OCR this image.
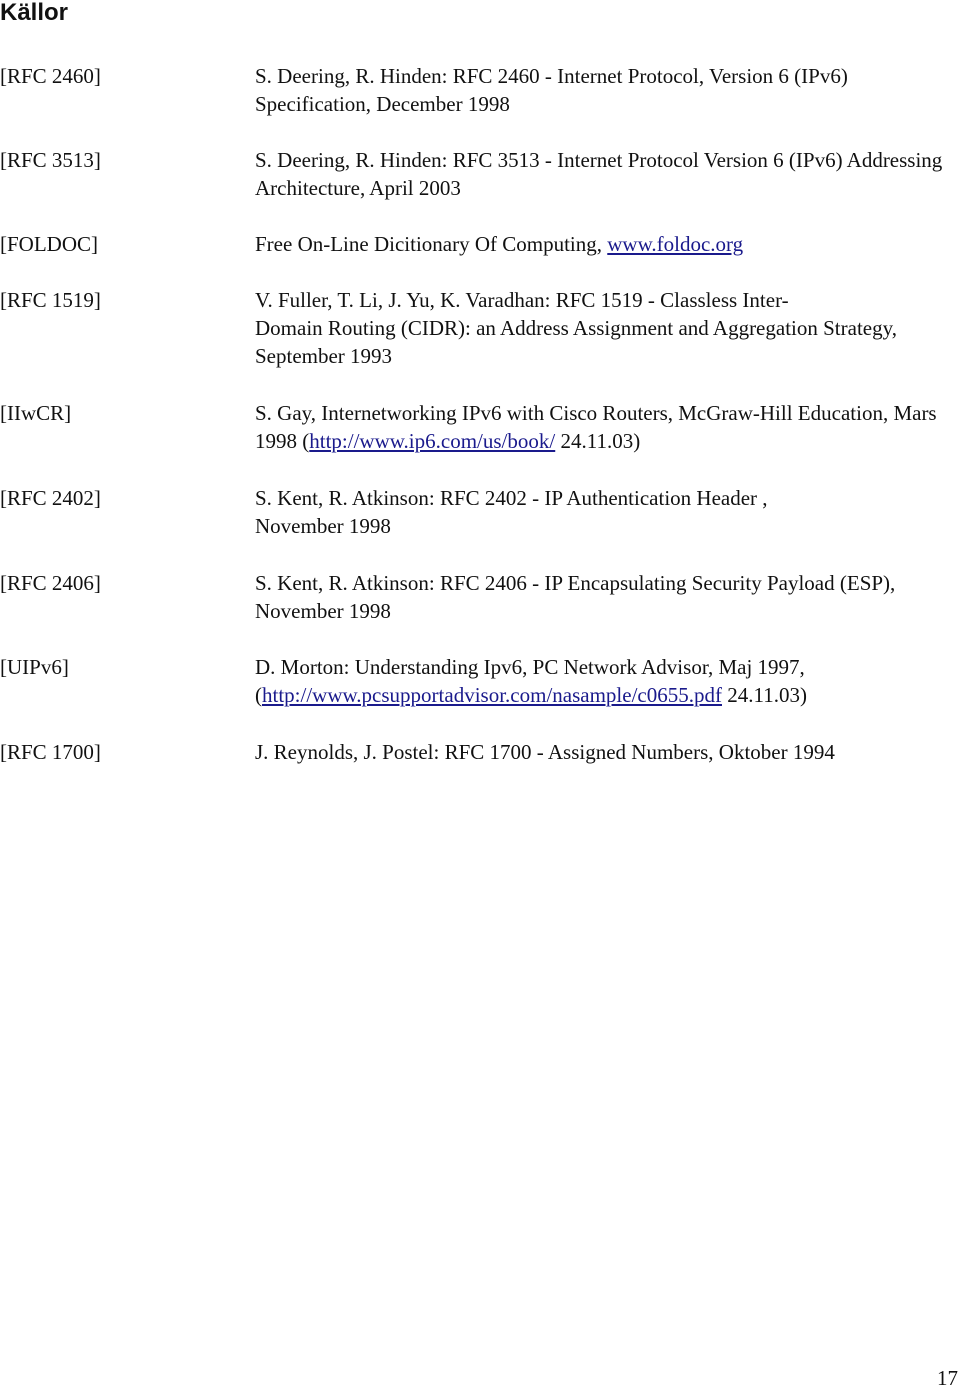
Källor
[RFC 2460]	S. Deering, R. Hinden: RFC 2460 - Internet Protocol, Version 6 (IPv6) Specification, December 1998
[RFC 3513]	S. Deering, R. Hinden: RFC 3513 - Internet Protocol Version 6 (IPv6) Addressing Architecture, April 2003
[FOLDOC]	Free On-Line Dicitionary Of Computing, www.foldoc.org
[RFC 1519]	V. Fuller, T. Li, J. Yu, K. Varadhan: RFC 1519 - Classless Inter-
Domain Routing (CIDR): an Address Assignment and Aggregation Strategy, September 1993
[IIwCR]	S. Gay, Internetworking IPv6 with Cisco Routers, McGraw-Hill Education, Mars 1998 (http://www.ip6.com/us/book/ 24.11.03)
[RFC 2402]	S. Kent, R. Atkinson: RFC 2402 - IP Authentication Header ,
November 1998
[RFC 2406]	S. Kent, R. Atkinson: RFC 2406 - IP Encapsulating Security Payload (ESP), November 1998
[UIPv6]	D. Morton: Understanding Ipv6, PC Network Advisor, Maj 1997,
(http://www.pcsupportadvisor.com/nasample/c0655.pdf 24.11.03)
[RFC 1700]	J. Reynolds, J. Postel: RFC 1700 - Assigned Numbers, Oktober 1994
17
